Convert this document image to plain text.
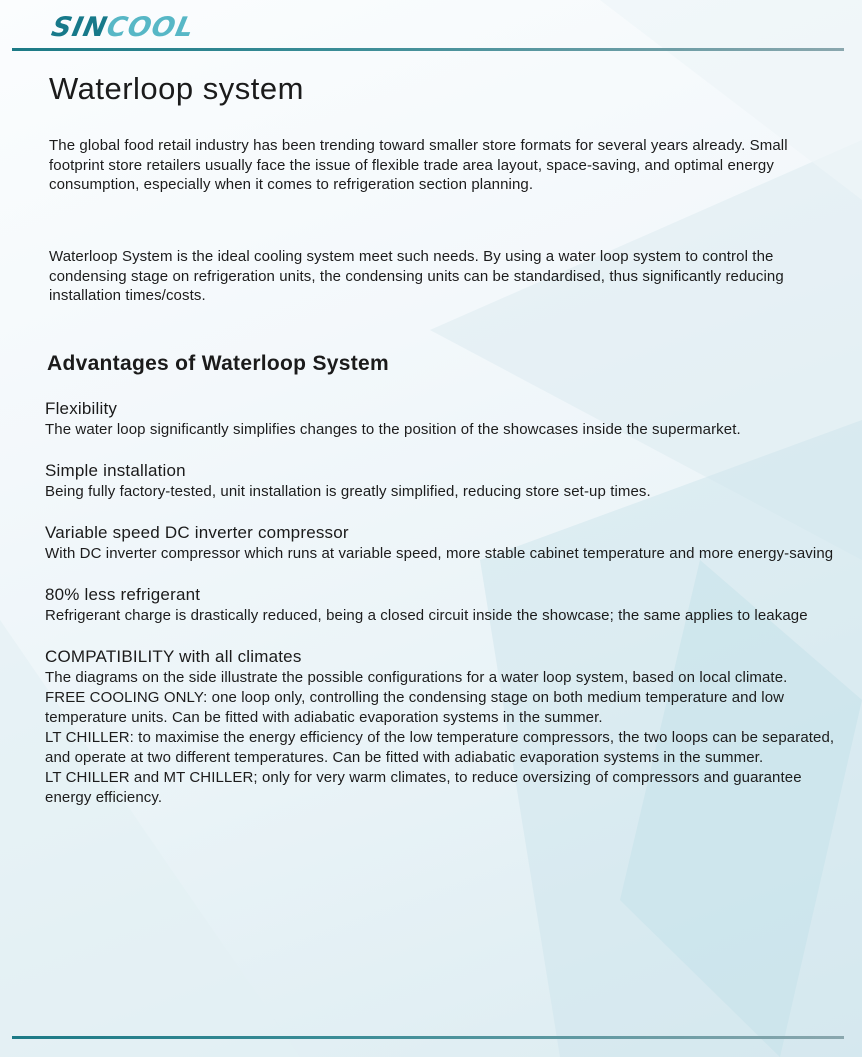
SINCOOL
Waterloop system

The global food retail industry has been trending toward smaller store formats for several years already. Small footprint store retailers usually face the issue of flexible trade area layout, space-saving, and optimal energy consumption, especially when it comes to refrigeration section planning.

Waterloop System is the ideal cooling system meet such needs. By using a water loop system to control the condensing stage on refrigeration units, the condensing units can be standardised, thus significantly reducing installation times/costs.

Advantages of Waterloop System
Flexibility
The water loop significantly simplifies changes to the position of the showcases inside the supermarket.
Simple installation
Being fully factory-tested, unit installation is greatly simplified, reducing store set-up times.
Variable speed DC inverter compressor
With DC inverter compressor which runs at variable speed, more stable cabinet temperature and more energy-saving
80% less refrigerant
Refrigerant charge is drastically reduced, being a closed circuit inside the showcase; the same applies to leakage
COMPATIBILITY with all climates
The diagrams on the side illustrate the possible configurations for a water loop system, based on local climate.
FREE COOLING ONLY: one loop only, controlling the condensing stage on both medium temperature and low temperature units. Can be fitted with adiabatic evaporation systems in the summer.
LT CHILLER: to maximise the energy efficiency of the low temperature compressors, the two loops can be separated, and operate at two different temperatures. Can be fitted with adiabatic evaporation systems in the summer.
LT CHILLER and MT CHILLER; only for very warm climates, to reduce oversizing of compressors and guarantee energy efficiency.
